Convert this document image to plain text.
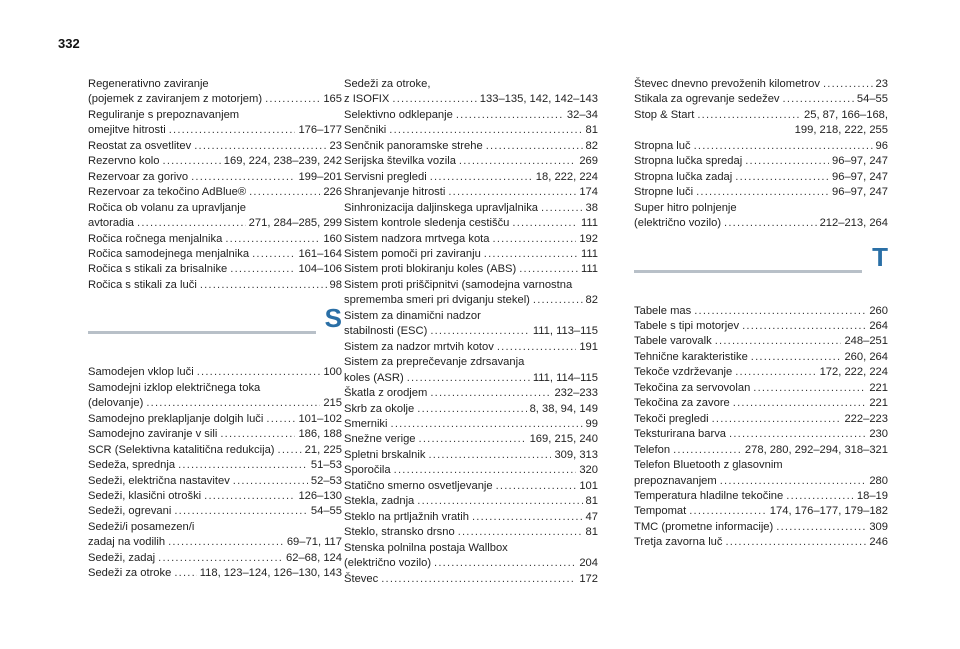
332
Regenerativno zaviranje
(pojemek z zaviranjem z motorjem) .....	165
Reguliranje s prepoznavanjem
omejitve hitrosti .....	176–177
Reostat za osvetlitev .....	23
Rezervno kolo .....	169, 224, 238–239, 242
Rezervoar za gorivo .....	199–201
Rezervoar za tekočino AdBlue® .....	226
Ročica ob volanu za upravljanje
avtoradia .....	271, 284–285, 299
Ročica ročnega menjalnika .....	160
Ročica samodejnega menjalnika .....	161–164
Ročica s stikali za brisalnike .....	104–106
Ročica s stikali za luči .....	98
S
Samodejen vklop luči .....	100
Samodejni izklop električnega toka
(delovanje) .....	215
Samodejno preklapljanje dolgih luči .....	101–102
Samodejno zaviranje v sili .....	186, 188
SCR (Selektivna katalitična redukcija) .....	21, 225
Sedeža, sprednja .....	51–53
Sedeži, električna nastavitev .....	52–53
Sedeži, klasični otroški .....	126–130
Sedeži, ogrevani .....	54–55
Sedeži/i posamezen/i
zadaj na vodilih .....	69–71, 117
Sedeži, zadaj .....	62–68, 124
Sedeži za otroke .....	118, 123–124, 126–130, 143
Sedeži za otroke,
z ISOFIX .....	133–135, 142, 142–143
Selektivno odklepanje .....	32–34
Senčniki .....	81
Senčnik panoramske strehe .....	82
Serijska številka vozila .....	269
Servisni pregledi .....	18, 222, 224
Shranjevanje hitrosti .....	174
Sinhronizacija daljinskega upravljalnika .....	38
Sistem kontrole sledenja cestišču .....	111
Sistem nadzora mrtvega kota .....	192
Sistem pomoči pri zaviranju .....	111
Sistem proti blokiranju koles (ABS) .....	111
Sistem proti priščipnitvi (samodejna varnostna
sprememba smeri pri dviganju stekel) .....	82
Sistem za dinamični nadzor
stabilnosti (ESC) .....	111, 113–115
Sistem za nadzor mrtvih kotov .....	191
Sistem za preprečevanje zdrsavanja
koles (ASR) .....	111, 114–115
Škatla z orodjem .....	232–233
Skrb za okolje .....	8, 38, 94, 149
Smerniki .....	99
Snežne verige .....	169, 215, 240
Spletni brskalnik .....	309, 313
Sporočila .....	320
Statično smerno osvetljevanje .....	101
Stekla, zadnja .....	81
Steklo na prtljažnih vratih .....	47
Steklo, stransko drsno .....	81
Stenska polnilna postaja Wallbox
(električno vozilo) .....	204
Števec .....	172
Števec dnevno prevoženih kilometrov .....	23
Stikala za ogrevanje sedežev .....	54–55
Stop & Start .....	25, 87, 166–168,
199, 218, 222, 255
Stropna luč .....	96
Stropna lučka spredaj .....	96–97, 247
Stropna lučka zadaj .....	96–97, 247
Stropne luči .....	96–97, 247
Super hitro polnjenje
(električno vozilo) .....	212–213, 264
T
Tabele mas .....	260
Tabele s tipi motorjev .....	264
Tabele varovalk .....	248–251
Tehnične karakteristike .....	260, 264
Tekoče vzdrževanje .....	172, 222, 224
Tekočina za servovolan .....	221
Tekočina za zavore .....	221
Tekoči pregledi .....	222–223
Teksturirana barva .....	230
Telefon .....	278, 280, 292–294, 318–321
Telefon Bluetooth z glasovnim
prepoznavanjem .....	280
Temperatura hladilne tekočine .....	18–19
Tempomat .....	174, 176–177, 179–182
TMC (prometne informacije) .....	309
Tretja zavorna luč .....	246
